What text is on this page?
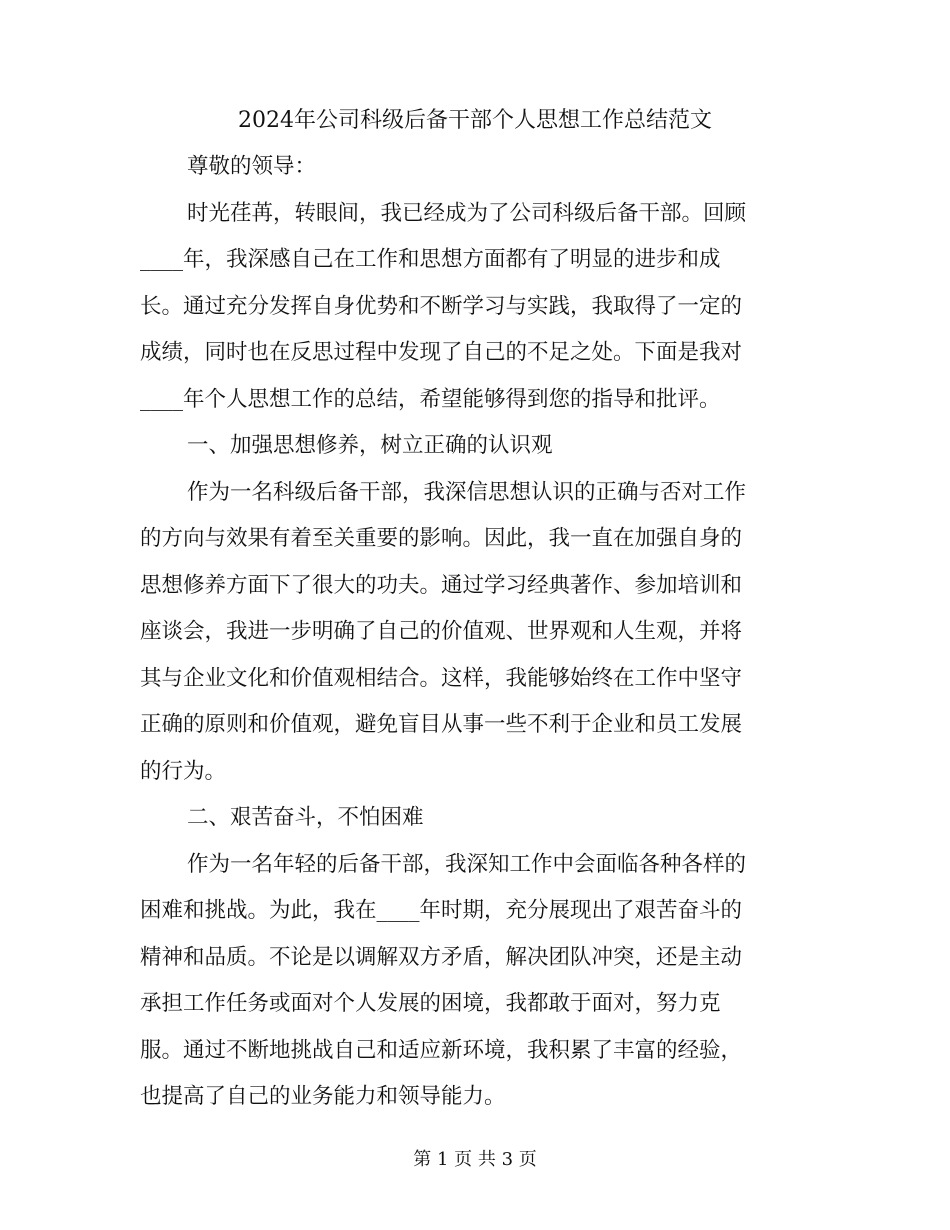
2024年公司科级后备干部个人思想工作总结范文
尊敬的领导：
时光荏苒，转眼间，我已经成为了公司科级后备干部。回顾
____年，我深感自己在工作和思想方面都有了明显的进步和成
长。通过充分发挥自身优势和不断学习与实践，我取得了一定的
成绩，同时也在反思过程中发现了自己的不足之处。下面是我对
____年个人思想工作的总结，希望能够得到您的指导和批评。
一、加强思想修养，树立正确的认识观
作为一名科级后备干部，我深信思想认识的正确与否对工作
的方向与效果有着至关重要的影响。因此，我一直在加强自身的
思想修养方面下了很大的功夫。通过学习经典著作、参加培训和
座谈会，我进一步明确了自己的价值观、世界观和人生观，并将
其与企业文化和价值观相结合。这样，我能够始终在工作中坚守
正确的原则和价值观，避免盲目从事一些不利于企业和员工发展
的行为。
二、艰苦奋斗，不怕困难
作为一名年轻的后备干部，我深知工作中会面临各种各样的
困难和挑战。为此，我在____年时期，充分展现出了艰苦奋斗的
精神和品质。不论是以调解双方矛盾，解决团队冲突，还是主动
承担工作任务或面对个人发展的困境，我都敢于面对，努力克
服。通过不断地挑战自己和适应新环境，我积累了丰富的经验，
也提高了自己的业务能力和领导能力。
第 1 页 共 3 页
